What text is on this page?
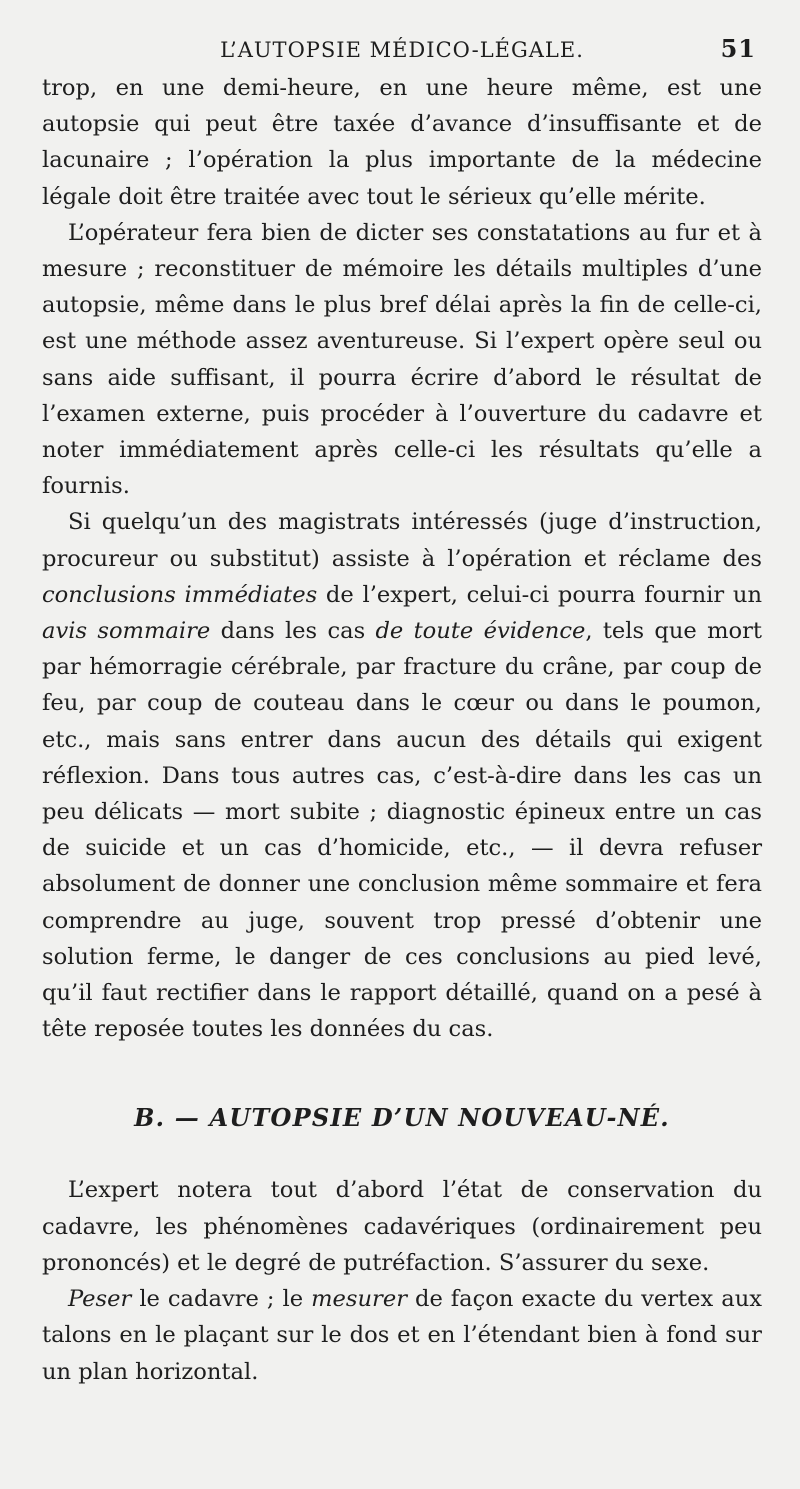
L’AUTOPSIE MÉDICO-LÉGALE.	51

trop, en une demi-heure, en une heure même, est une autopsie qui peut être taxée d’avance d’insuffisante et de lacunaire ; l’opération la plus importante de la médecine légale doit être traitée avec tout le sérieux qu’elle mérite.

L’opérateur fera bien de dicter ses constatations au fur et à mesure ; reconstituer de mémoire les détails multiples d’une autopsie, même dans le plus bref délai après la fin de celle-ci, est une méthode assez aventureuse. Si l’expert opère seul ou sans aide suffisant, il pourra écrire d’abord le résultat de l’examen externe, puis procéder à l’ouverture du cadavre et noter immédiatement après celle-ci les résultats qu’elle a fournis.

Si quelqu’un des magistrats intéressés (juge d’instruction, procureur ou substitut) assiste à l’opération et réclame des conclusions immédiates de l’expert, celui-ci pourra fournir un avis sommaire dans les cas de toute évidence, tels que mort par hémorragie cérébrale, par fracture du crâne, par coup de feu, par coup de couteau dans le cœur ou dans le poumon, etc., mais sans entrer dans aucun des détails qui exigent réflexion. Dans tous autres cas, c’est-à-dire dans les cas un peu délicats — mort subite ; diagnostic épineux entre un cas de suicide et un cas d’homicide, etc., — il devra refuser absolument de donner une conclusion même sommaire et fera comprendre au juge, souvent trop pressé d’obtenir une solution ferme, le danger de ces conclusions au pied levé, qu’il faut rectifier dans le rapport détaillé, quand on a pesé à tête reposée toutes les données du cas.

B. — AUTOPSIE D’UN NOUVEAU-NÉ.

L’expert notera tout d’abord l’état de conservation du cadavre, les phénomènes cadavériques (ordinairement peu prononcés) et le degré de putréfaction. S’assurer du sexe.

Peser le cadavre ; le mesurer de façon exacte du vertex aux talons en le plaçant sur le dos et en l’étendant bien à fond sur un plan horizontal.
